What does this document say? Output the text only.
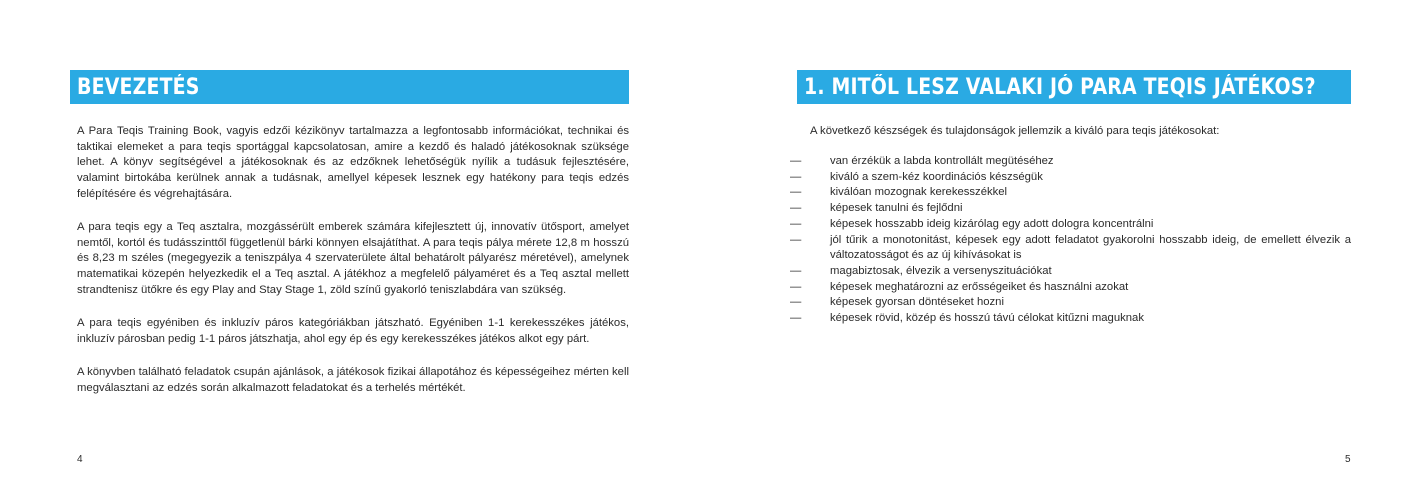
BEVEZETÉS

A Para Teqis Training Book, vagyis edzői kézikönyv tartalmazza a legfontosabb információkat, technikai és taktikai elemeket a para teqis sportággal kapcsolatosan, amire a kezdő és haladó játékosoknak szüksége lehet. A könyv segítségével a játékosoknak és az edzőknek lehetőségük nyílik a tudásuk fejlesztésére, valamint birtokába kerülnek annak a tudásnak, amellyel képesek lesznek egy hatékony para teqis edzés felépítésére és végrehajtására.

A para teqis egy a Teq asztalra, mozgássérült emberek számára kifejlesztett új, innovatív ütősport, amelyet nemtől, kortól és tudásszinttől függetlenül bárki könnyen elsajátíthat. A para teqis pálya mérete 12,8 m hosszú és 8,23 m széles (megegyezik a teniszpálya 4 szervaterülete által behatárolt pályarész méretével), amelynek matematikai közepén helyezkedik el a Teq asztal. A játékhoz a megfelelő pályaméret és a Teq asztal mellett strandtenisz ütőkre és egy Play and Stay Stage 1, zöld színű gyakorló teniszlabdára van szükség.

A para teqis egyéniben és inkluzív páros kategóriákban játszható. Egyéniben 1-1 kerekesszékes játékos, inkluzív párosban pedig 1-1 páros játszhatja, ahol egy ép és egy kerekesszékes játékos alkot egy párt.

A könyvben található feladatok csupán ajánlások, a játékosok fizikai állapotához és képességeihez mérten kell megválasztani az edzés során alkalmazott feladatokat és a terhelés mértékét.

4
1. MITŐL LESZ VALAKI JÓ PARA TEQIS JÁTÉKOS?
A következő készségek és tulajdonságok jellemzik a kiváló para teqis játékosokat:
—	van érzékük a labda kontrollált megütéséhez
—	kiváló a szem-kéz koordinációs készségük
—	kiválóan mozognak kerekesszékkel
—	képesek tanulni és fejlődni
—	képesek hosszabb ideig kizárólag egy adott dologra koncentrálni
—	jól tűrik a monotonitást, képesek egy adott feladatot gyakorolni hosszabb ideig, de emellett élvezik a változatosságot és az új kihívásokat is
—	magabiztosak, élvezik a versenyszituációkat
—	képesek meghatározni az erősségeiket és használni azokat
—	képesek gyorsan döntéseket hozni
—	képesek rövid, közép és hosszú távú célokat kitűzni maguknak
5
